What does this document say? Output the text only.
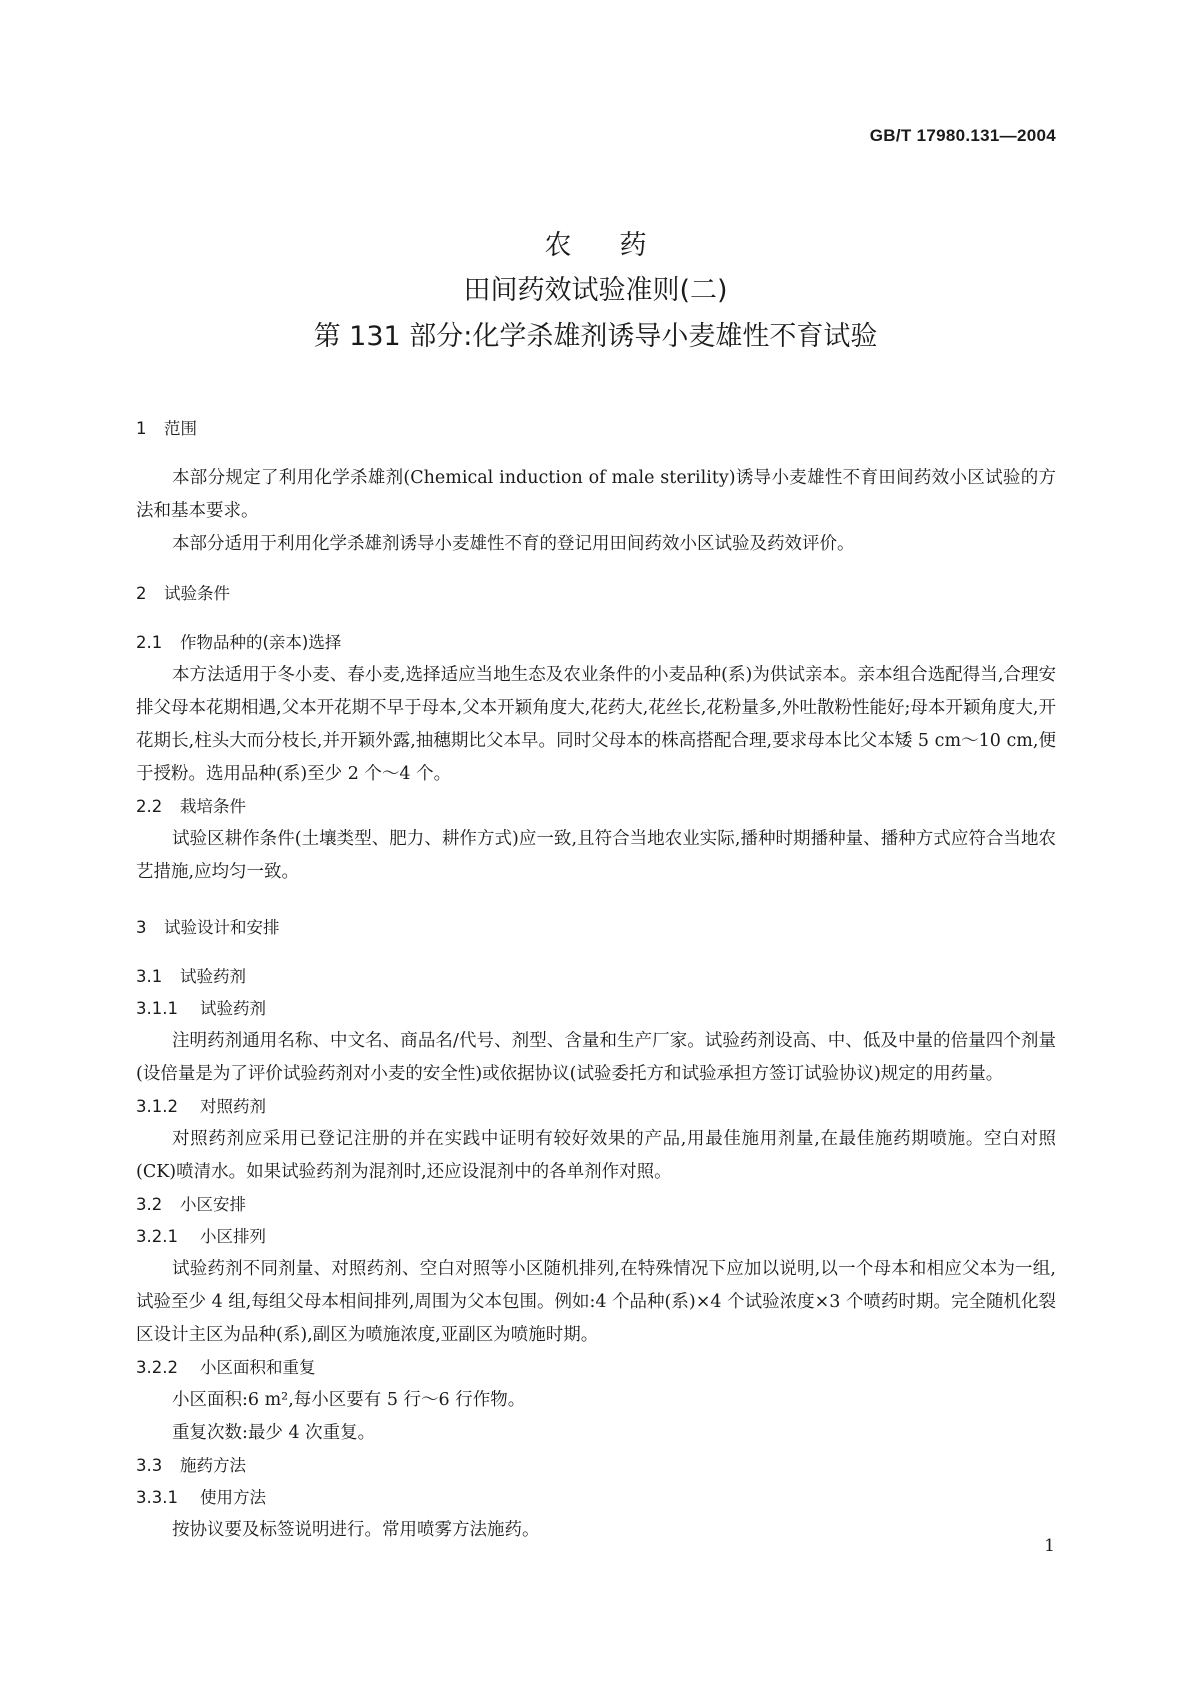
GB/T 17980.131—2004
农药
田间药效试验准则(二)
第 131 部分:化学杀雄剂诱导小麦雄性不育试验
1 范围
本部分规定了利用化学杀雄剂(Chemical induction of male sterility)诱导小麦雄性不育田间药效小区试验的方法和基本要求。
本部分适用于利用化学杀雄剂诱导小麦雄性不育的登记用田间药效小区试验及药效评价。
2 试验条件
2.1 作物品种的(亲本)选择
本方法适用于冬小麦、春小麦,选择适应当地生态及农业条件的小麦品种(系)为供试亲本。亲本组合选配得当,合理安排父母本花期相遇,父本开花期不早于母本,父本开颖角度大,花药大,花丝长,花粉量多,外吐散粉性能好;母本开颖角度大,开花期长,柱头大而分枝长,并开颖外露,抽穗期比父本早。同时父母本的株高搭配合理,要求母本比父本矮 5 cm～10 cm,便于授粉。选用品种(系)至少 2 个～4 个。
2.2 栽培条件
试验区耕作条件(土壤类型、肥力、耕作方式)应一致,且符合当地农业实际,播种时期播种量、播种方式应符合当地农艺措施,应均匀一致。
3 试验设计和安排
3.1 试验药剂
3.1.1 试验药剂
注明药剂通用名称、中文名、商品名/代号、剂型、含量和生产厂家。试验药剂设高、中、低及中量的倍量四个剂量(设倍量是为了评价试验药剂对小麦的安全性)或依据协议(试验委托方和试验承担方签订试验协议)规定的用药量。
3.1.2 对照药剂
对照药剂应采用已登记注册的并在实践中证明有较好效果的产品,用最佳施用剂量,在最佳施药期喷施。空白对照(CK)喷清水。如果试验药剂为混剂时,还应设混剂中的各单剂作对照。
3.2 小区安排
3.2.1 小区排列
试验药剂不同剂量、对照药剂、空白对照等小区随机排列,在特殊情况下应加以说明,以一个母本和相应父本为一组,试验至少 4 组,每组父母本相间排列,周围为父本包围。例如:4 个品种(系)×4 个试验浓度×3 个喷药时期。完全随机化裂区设计主区为品种(系),副区为喷施浓度,亚副区为喷施时期。
3.2.2 小区面积和重复
小区面积:6 m²,每小区要有 5 行～6 行作物。
重复次数:最少 4 次重复。
3.3 施药方法
3.3.1 使用方法
按协议要及标签说明进行。常用喷雾方法施药。
1
